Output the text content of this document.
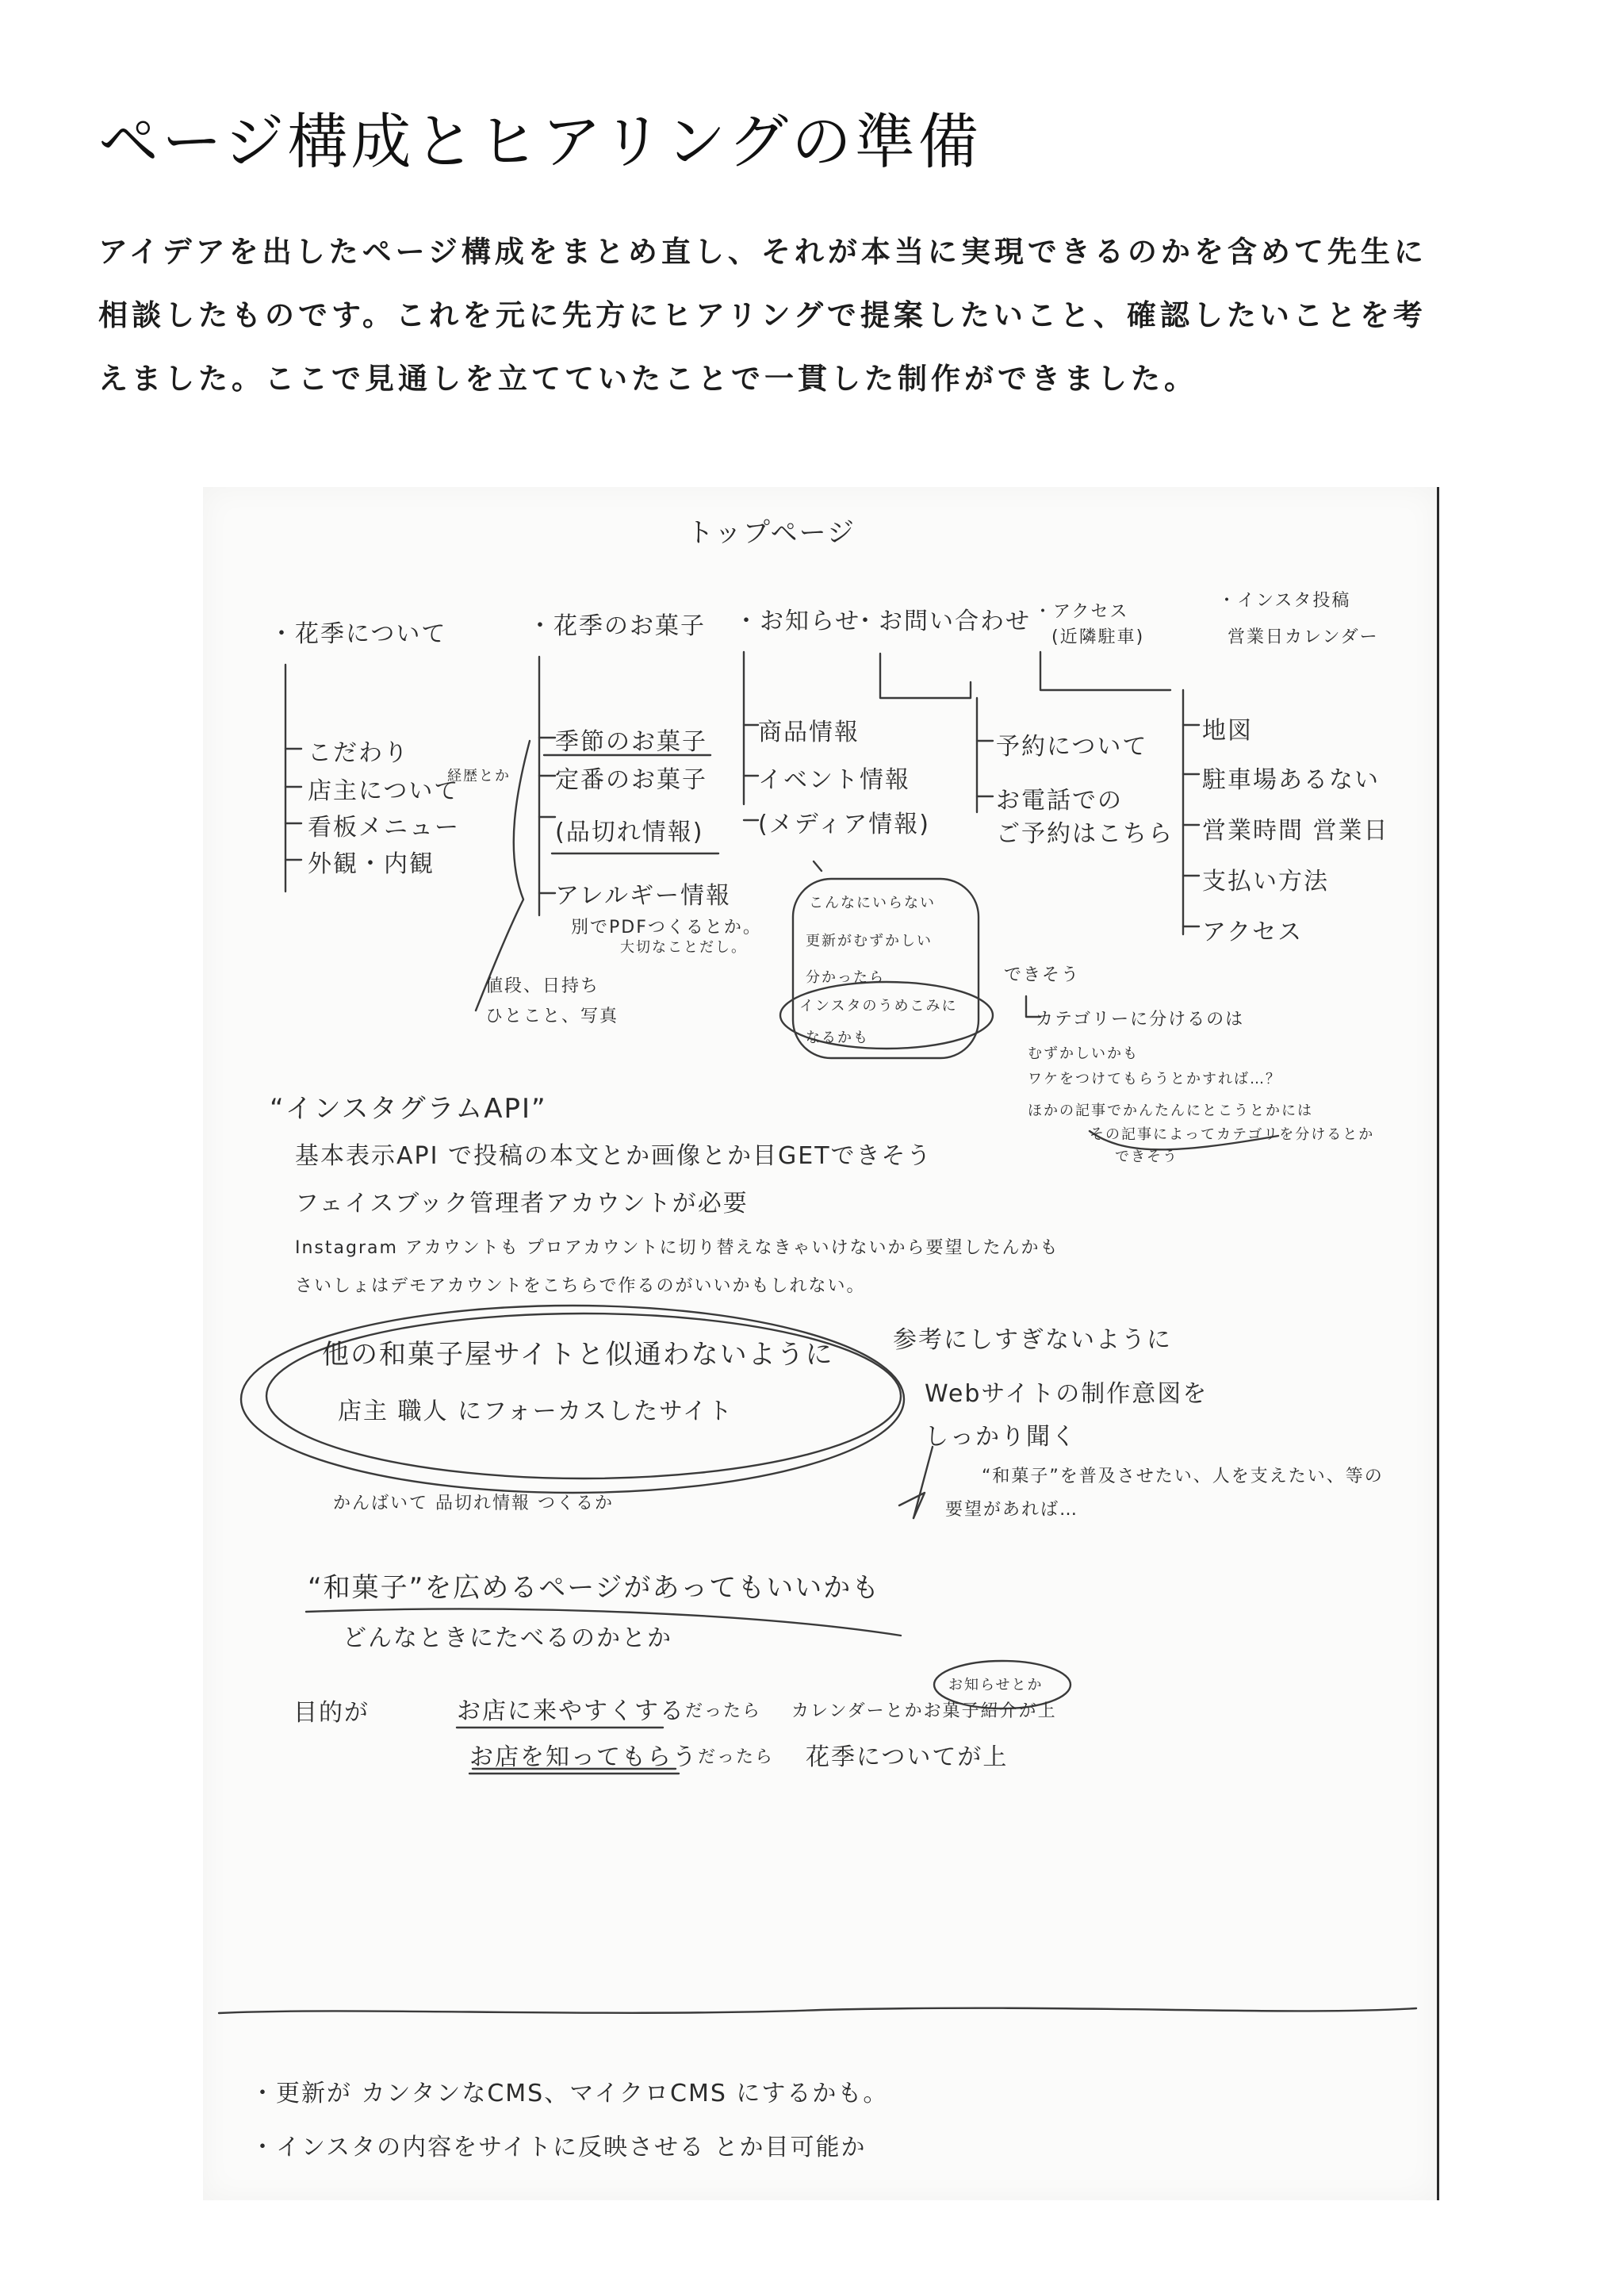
ページ構成とヒアリングの準備

アイデアを出したページ構成をまとめ直し、それが本当に実現できるのかを含めて先生に

相談したものです。これを元に先方にヒアリングで提案したいこと、確認したいことを考

えました。ここで見通しを立てていたことで一貫した制作ができました。

トップページ
・花季について	・花季のお菓子 ・お知らせ
・お問い合わせ ・アクセス
(近隣駐車)
・インスタ投稿
営業日カレンダー
こだわり
店主について
経歴とか
看板メニュー
外観・内観
季節のお菓子
定番のお菓子
(品切れ情報)
アレルギー情報
別でPDFつくるとか。
大切なことだし。
値段、日持ち
ひとこと、写真
商品情報
イベント情報
(メディア情報)
こんなにいらない
更新がむずかしい
分かったら
インスタのうめこみに
なるかも
できそう
予約について
お電話での
ご予約はこちら
カテゴリーに分けるのは
むずかしいかも
ワケをつけてもらうとかすれば…？
ほかの記事でかんたんにとこうとかには
その記事によってカテゴリを分けるとか
できそう
地図
駐車場あるない
営業時間 営業日
支払い方法
アクセス
“インスタグラムAPI”
基本表示API で投稿の本文とか画像とか目GETできそう
フェイスブック管理者アカウントが必要
Instagram アカウントも プロアカウントに切り替えなきゃいけないから要望したんかも
さいしょはデモアカウントをこちらで作るのがいいかもしれない。
他の和菓子屋サイトと似通わないように
店主 職人 にフォーカスしたサイト
参考にしすぎないように
Webサイトの制作意図を
しっかり聞く
“和菓子”を普及させたい、人を支えたい、等の
要望があれば…
かんばいて 品切れ情報 つくるか
“和菓子”を広めるページがあってもいいかも
どんなときにたべるのかとか
目的が	お店に来やすくする だったら カレンダーとかお菓子紹介が上
お知らせとか
お店を知ってもらう だったら 花季についてが上
・更新が カンタンなCMS、マイクロCMS にするかも。
・インスタの内容をサイトに反映させる とか目可能か
